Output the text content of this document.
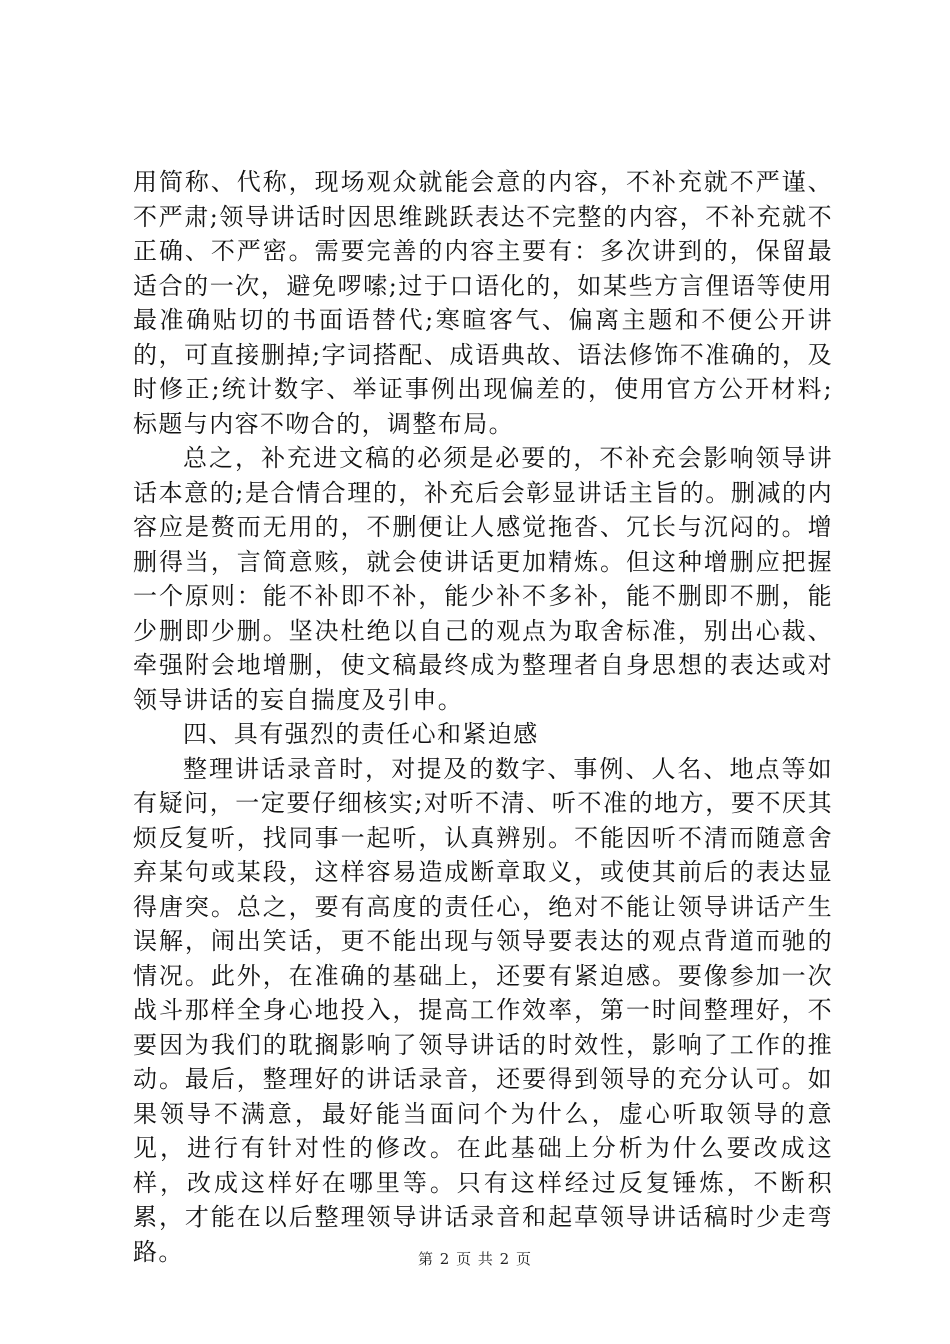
用简称、代称，现场观众就能会意的内容，不补充就不严谨、不严肃;领导讲话时因思维跳跃表达不完整的内容，不补充就不正确、不严密。需要完善的内容主要有：多次讲到的，保留最适合的一次，避免啰嗦;过于口语化的，如某些方言俚语等使用最准确贴切的书面语替代;寒暄客气、偏离主题和不便公开讲的，可直接删掉;字词搭配、成语典故、语法修饰不准确的，及时修正;统计数字、举证事例出现偏差的，使用官方公开材料;标题与内容不吻合的，调整布局。

总之，补充进文稿的必须是必要的，不补充会影响领导讲话本意的;是合情合理的，补充后会彰显讲话主旨的。删减的内容应是赘而无用的，不删便让人感觉拖沓、冗长与沉闷的。增删得当，言简意赅，就会使讲话更加精炼。但这种增删应把握一个原则：能不补即不补，能少补不多补，能不删即不删，能少删即少删。坚决杜绝以自己的观点为取舍标准，别出心裁、牵强附会地增删，使文稿最终成为整理者自身思想的表达或对领导讲话的妄自揣度及引申。

四、具有强烈的责任心和紧迫感

整理讲话录音时，对提及的数字、事例、人名、地点等如有疑问，一定要仔细核实;对听不清、听不准的地方，要不厌其烦反复听，找同事一起听，认真辨别。不能因听不清而随意舍弃某句或某段，这样容易造成断章取义，或使其前后的表达显得唐突。总之，要有高度的责任心，绝对不能让领导讲话产生误解，闹出笑话，更不能出现与领导要表达的观点背道而驰的情况。此外，在准确的基础上，还要有紧迫感。要像参加一次战斗那样全身心地投入，提高工作效率，第一时间整理好，不要因为我们的耽搁影响了领导讲话的时效性，影响了工作的推动。最后，整理好的讲话录音，还要得到领导的充分认可。如果领导不满意，最好能当面问个为什么，虚心听取领导的意见，进行有针对性的修改。在此基础上分析为什么要改成这样，改成这样好在哪里等。只有这样经过反复锤炼，不断积累，才能在以后整理领导讲话录音和起草领导讲话稿时少走弯路。	第 2 页 共 2 页
